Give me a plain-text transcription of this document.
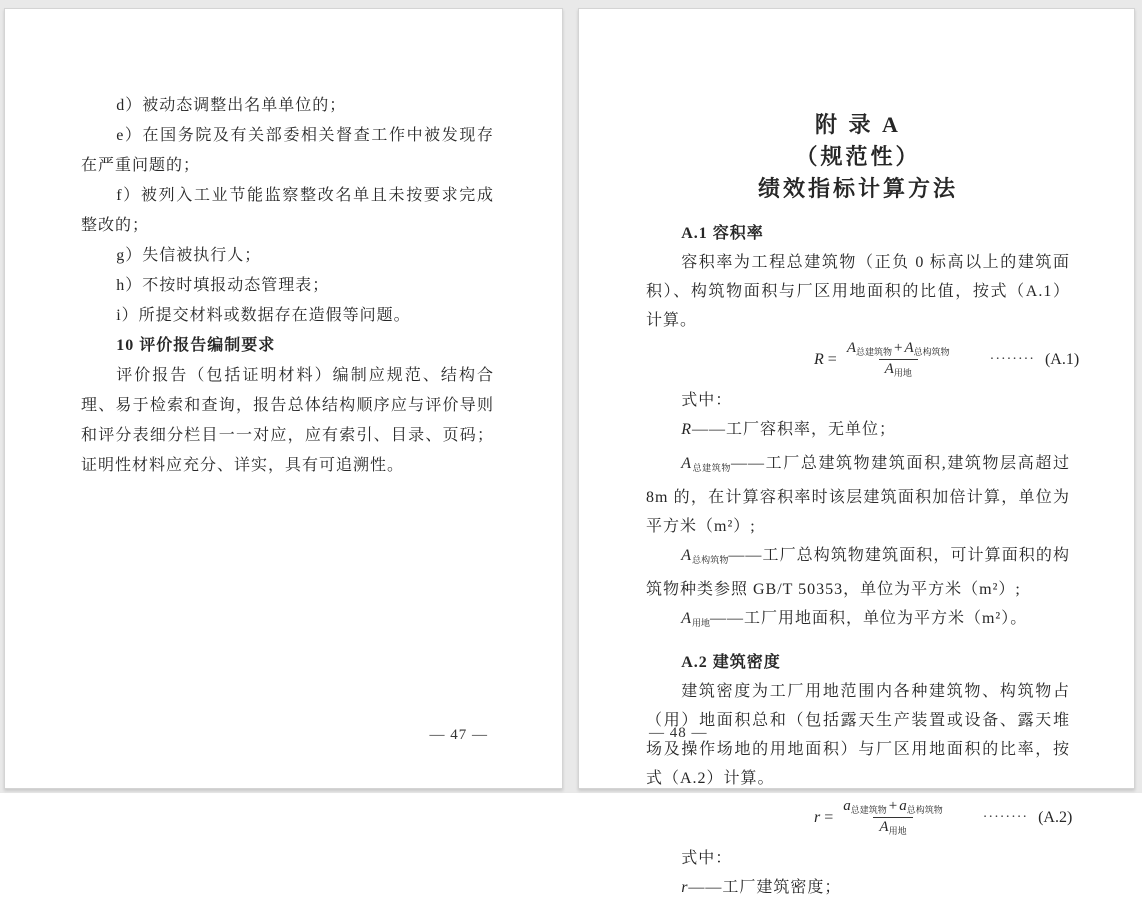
d）被动态调整出名单单位的；

e）在国务院及有关部委相关督查工作中被发现存在严重问题的；

f）被列入工业节能监察整改名单且未按要求完成整改的；

g）失信被执行人；

h）不按时填报动态管理表；

i）所提交材料或数据存在造假等问题。

10 评价报告编制要求

评价报告（包括证明材料）编制应规范、结构合理、易于检索和查询，报告总体结构顺序应与评价导则和评分表细分栏目一一对应，应有索引、目录、页码；证明性材料应充分、详实，具有可追溯性。

— 47 —
附 录 A
（规范性）
绩效指标计算方法

A.1 容积率

容积率为工程总建筑物（正负 0 标高以上的建筑面积）、构筑物面积与厂区用地面积的比值，按式（A.1）计算。

$R = \frac{A_{总建筑物} + A_{总构筑物}}{A_{用地}}$ ········ (A.1)

式中：

R——工厂容积率，无单位；

$A_{总建筑物}——$工厂总建筑物建筑面积,建筑物层高超过 8m 的，在计算容积率时该层建筑面积加倍计算，单位为平方米（m²）;

$A_{总构筑物}——$工厂总构筑物建筑面积，可计算面积的构筑物种类参照 GB/T 50353，单位为平方米（m²）;

$A_{用地}——$工厂用地面积，单位为平方米（m²）。

A.2 建筑密度

建筑密度为工厂用地范围内各种建筑物、构筑物占（用）地面积总和（包括露天生产装置或设备、露天堆场及操作场地的用地面积）与厂区用地面积的比率，按式（A.2）计算。

$r = \frac{a_{总建筑物} + a_{总构筑物}}{A_{用地}}$ ········ (A.2)

式中：

r——工厂建筑密度；

— 48 —
